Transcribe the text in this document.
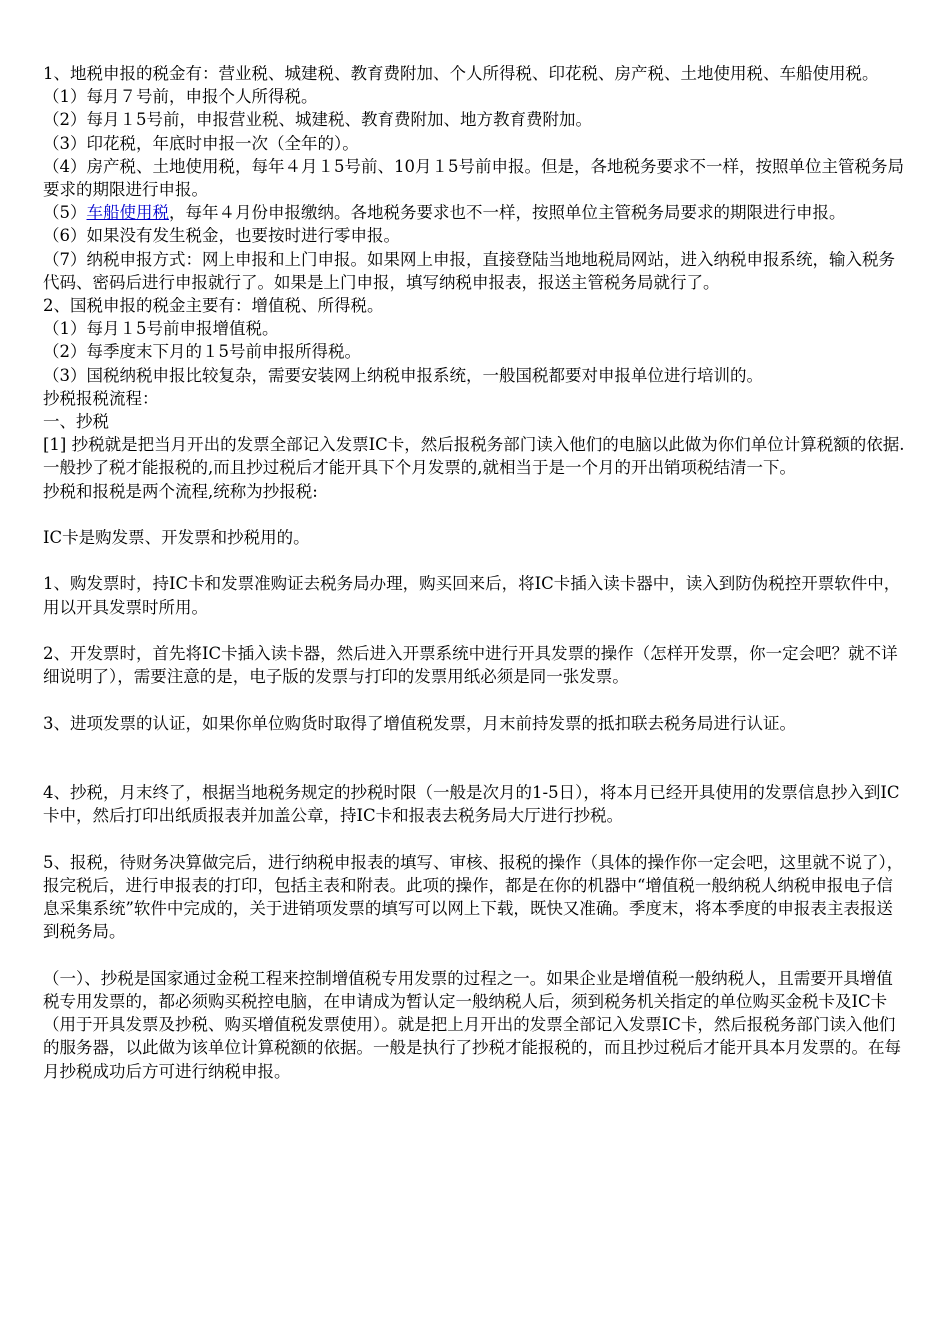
1、地税申报的税金有：营业税、城建税、教育费附加、个人所得税、印花税、房产税、土地使用税、车船使用税。

（1）每月７号前，申报个人所得税。

（2）每月１5号前，申报营业税、城建税、教育费附加、地方教育费附加。

（3）印花税，年底时申报一次（全年的）。

（4）房产税、土地使用税，每年４月１5号前、10月１5号前申报。但是，各地税务要求不一样，按照单位主管税务局要求的期限进行申报。

（5）车船使用税，每年４月份申报缴纳。各地税务要求也不一样，按照单位主管税务局要求的期限进行申报。

（6）如果没有发生税金，也要按时进行零申报。

（7）纳税申报方式：网上申报和上门申报。如果网上申报，直接登陆当地地税局网站，进入纳税申报系统，输入税务代码、密码后进行申报就行了。如果是上门申报，填写纳税申报表，报送主管税务局就行了。

2、国税申报的税金主要有：增值税、所得税。

（1）每月１5号前申报增值税。

（2）每季度末下月的１5号前申报所得税。

（3）国税纳税申报比较复杂，需要安装网上纳税申报系统，一般国税都要对申报单位进行培训的。

抄税报税流程：

一、抄税

[1] 抄税就是把当月开出的发票全部记入发票IC卡，然后报税务部门读入他们的电脑以此做为你们单位计算税额的依据.一般抄了税才能报税的,而且抄过税后才能开具下个月发票的,就相当于是一个月的开出销项税结清一下。

抄税和报税是两个流程,统称为抄报税:

IC卡是购发票、开发票和抄税用的。

1、购发票时，持IC卡和发票准购证去税务局办理，购买回来后，将IC卡插入读卡器中，读入到防伪税控开票软件中，用以开具发票时所用。

2、开发票时，首先将IC卡插入读卡器，然后进入开票系统中进行开具发票的操作（怎样开发票，你一定会吧？就不详细说明了），需要注意的是，电子版的发票与打印的发票用纸必须是同一张发票。

3、进项发票的认证，如果你单位购货时取得了增值税发票，月末前持发票的抵扣联去税务局进行认证。

4、抄税，月末终了，根据当地税务规定的抄税时限（一般是次月的1-5日），将本月已经开具使用的发票信息抄入到IC卡中，然后打印出纸质报表并加盖公章，持IC卡和报表去税务局大厅进行抄税。

5、报税，待财务决算做完后，进行纳税申报表的填写、审核、报税的操作（具体的操作你一定会吧，这里就不说了），报完税后，进行申报表的打印，包括主表和附表。此项的操作，都是在你的机器中“增值税一般纳税人纳税申报电子信息采集系统”软件中完成的，关于进销项发票的填写可以网上下载，既快又准确。季度末，将本季度的申报表主表报送到税务局。

（一）、抄税是国家通过金税工程来控制增值税专用发票的过程之一。如果企业是增值税一般纳税人，且需要开具增值税专用发票的，都必须购买税控电脑，在申请成为暂认定一般纳税人后，须到税务机关指定的单位购买金税卡及IC卡（用于开具发票及抄税、购买增值税发票使用）。就是把上月开出的发票全部记入发票IC卡，然后报税务部门读入他们的服务器，以此做为该单位计算税额的依据。一般是执行了抄税才能报税的，而且抄过税后才能开具本月发票的。在每月抄税成功后方可进行纳税申报。
